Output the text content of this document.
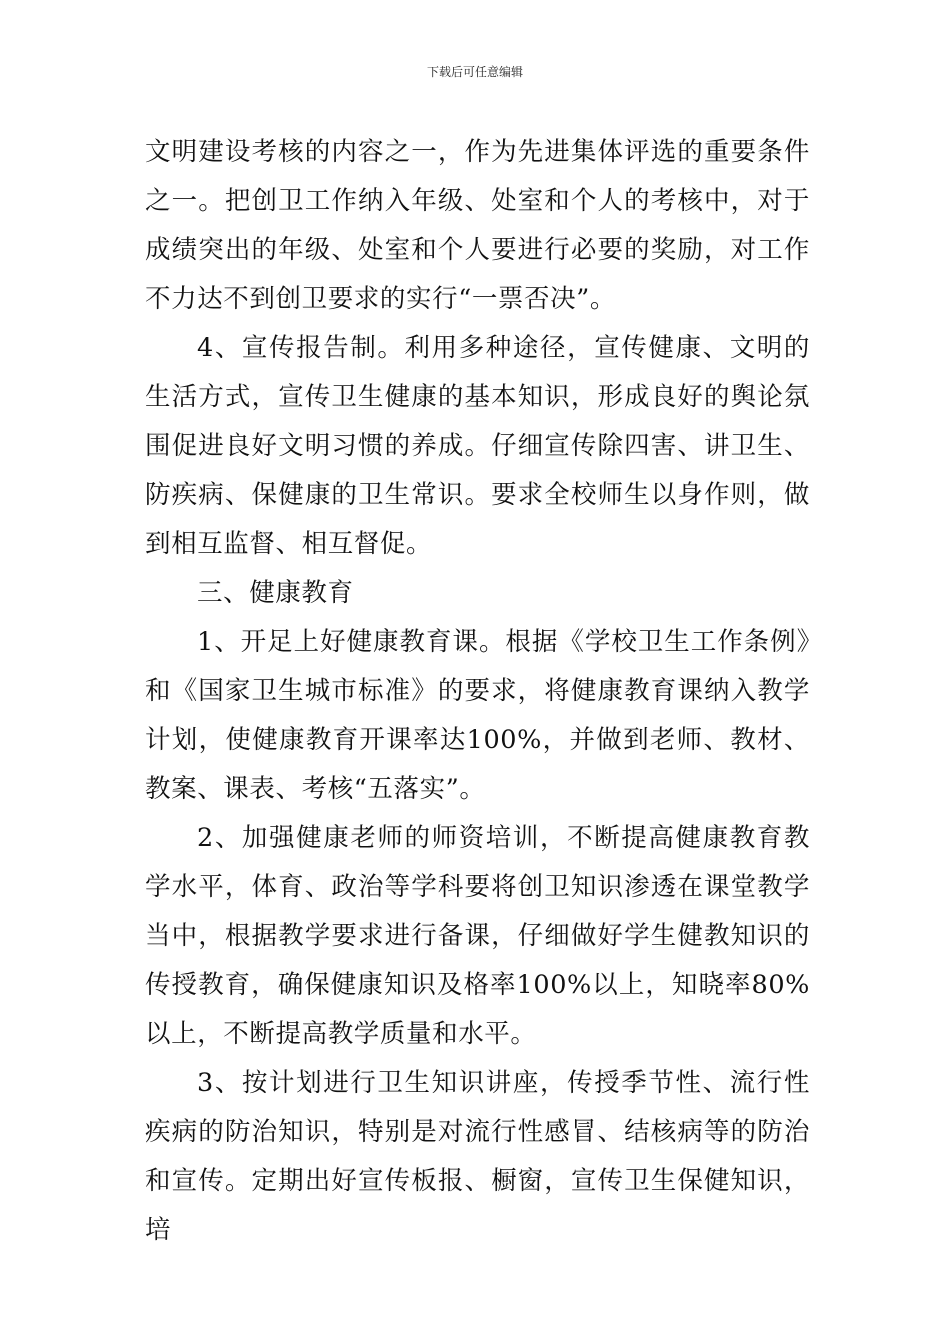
下载后可任意编辑

文明建设考核的内容之一，作为先进集体评选的重要条件之一。把创卫工作纳入年级、处室和个人的考核中，对于成绩突出的年级、处室和个人要进行必要的奖励，对工作不力达不到创卫要求的实行“一票否决”。

4、宣传报告制。利用多种途径，宣传健康、文明的生活方式，宣传卫生健康的基本知识，形成良好的舆论氛围促进良好文明习惯的养成。仔细宣传除四害、讲卫生、防疾病、保健康的卫生常识。要求全校师生以身作则，做到相互监督、相互督促。

三、健康教育

1、开足上好健康教育课。根据《学校卫生工作条例》和《国家卫生城市标准》的要求，将健康教育课纳入教学计划，使健康教育开课率达100%，并做到老师、教材、教案、课表、考核“五落实”。

2、加强健康老师的师资培训，不断提高健康教育教学水平，体育、政治等学科要将创卫知识渗透在课堂教学当中，根据教学要求进行备课，仔细做好学生健教知识的传授教育，确保健康知识及格率100%以上，知晓率80%以上，不断提高教学质量和水平。

3、按计划进行卫生知识讲座，传授季节性、流行性疾病的防治知识，特别是对流行性感冒、结核病等的防治和宣传。定期出好宣传板报、橱窗，宣传卫生保健知识，培
